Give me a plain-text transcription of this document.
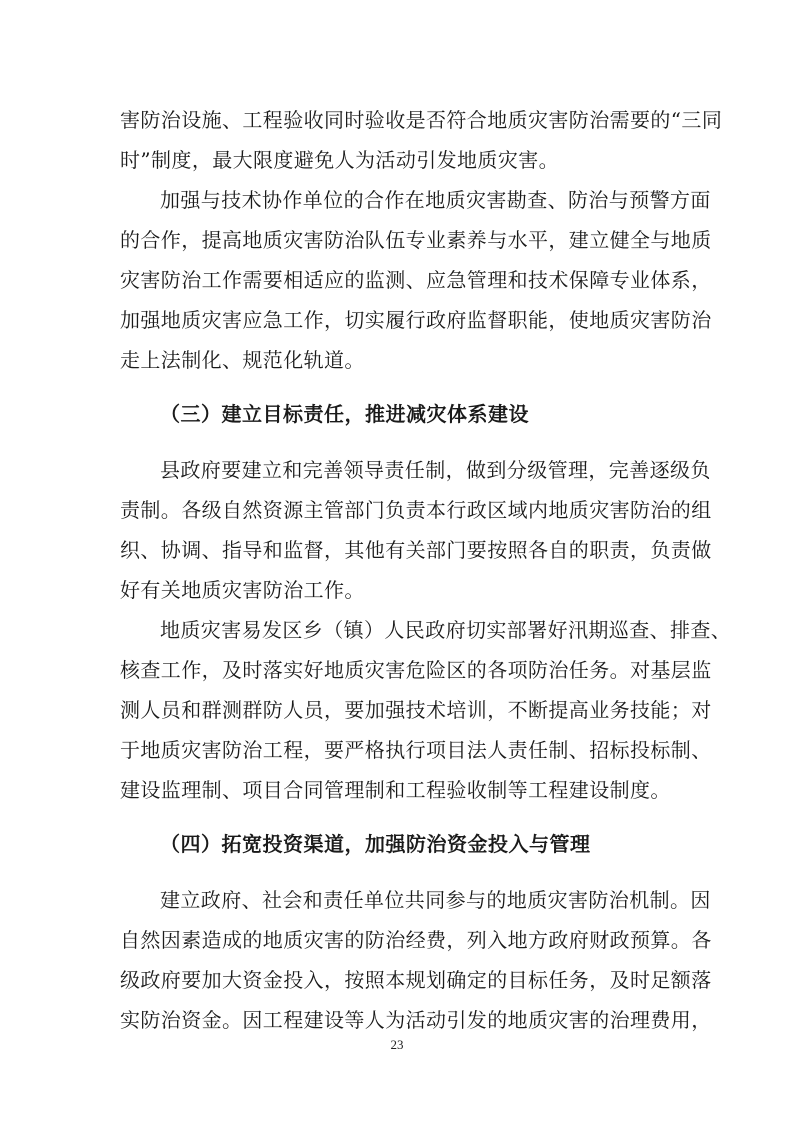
害防治设施、工程验收同时验收是否符合地质灾害防治需要的“三同
时”制度，最大限度避免人为活动引发地质灾害。
加强与技术协作单位的合作在地质灾害勘查、防治与预警方面
的合作，提高地质灾害防治队伍专业素养与水平，建立健全与地质
灾害防治工作需要相适应的监测、应急管理和技术保障专业体系，
加强地质灾害应急工作，切实履行政府监督职能，使地质灾害防治
走上法制化、规范化轨道。
（三）建立目标责任，推进减灾体系建设
县政府要建立和完善领导责任制，做到分级管理，完善逐级负
责制。各级自然资源主管部门负责本行政区域内地质灾害防治的组
织、协调、指导和监督，其他有关部门要按照各自的职责，负责做
好有关地质灾害防治工作。
地质灾害易发区乡（镇）人民政府切实部署好汛期巡查、排查、
核查工作，及时落实好地质灾害危险区的各项防治任务。对基层监
测人员和群测群防人员，要加强技术培训，不断提高业务技能；对
于地质灾害防治工程，要严格执行项目法人责任制、招标投标制、
建设监理制、项目合同管理制和工程验收制等工程建设制度。
（四）拓宽投资渠道，加强防治资金投入与管理
建立政府、社会和责任单位共同参与的地质灾害防治机制。因
自然因素造成的地质灾害的防治经费，列入地方政府财政预算。各
级政府要加大资金投入，按照本规划确定的目标任务，及时足额落
实防治资金。因工程建设等人为活动引发的地质灾害的治理费用，
23
